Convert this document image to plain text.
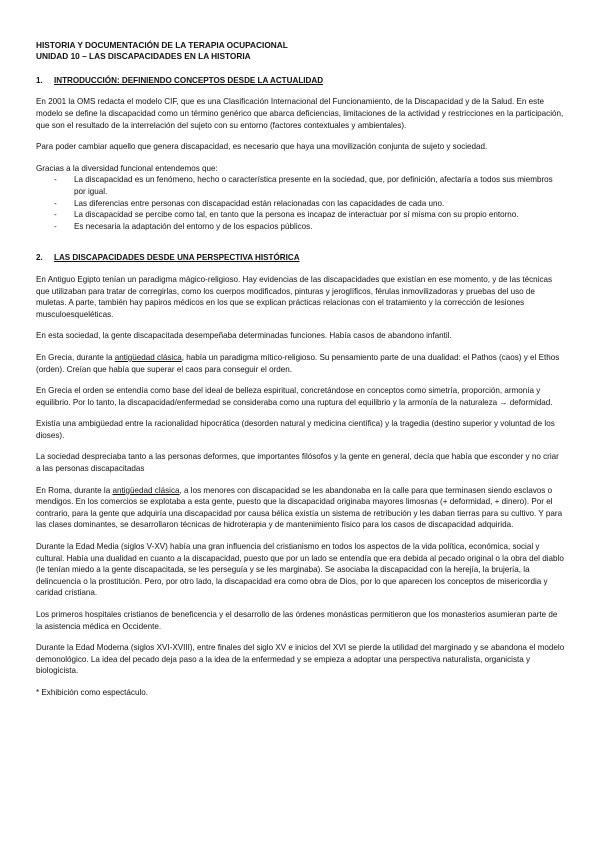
HISTORIA Y DOCUMENTACIÓN DE LA TERAPIA OCUPACIONAL
UNIDAD 10 – LAS DISCAPACIDADES EN LA HISTORIA
1. INTRODUCCIÓN: DEFINIENDO CONCEPTOS DESDE LA ACTUALIDAD

En 2001 la OMS redacta el modelo CIF, que es una Clasificación Internacional del Funcionamiento, de la Discapacidad y de la Salud. En este modelo se define la discapacidad como un término genérico que abarca deficiencias, limitaciones de la actividad y restricciones en la participación, que son el resultado de la interrelación del sujeto con su entorno (factores contextuales y ambientales).

Para poder cambiar aquello que genera discapacidad, es necesario que haya una movilización conjunta de sujeto y sociedad.

Gracias a la diversidad funcional entendemos que:

- La discapacidad es un fenómeno, hecho o característica presente en la sociedad, que, por definición, afectaría a todos sus miembros por igual.
- Las diferencias entre personas con discapacidad están relacionadas con las capacidades de cada uno.
- La discapacidad se percibe como tal, en tanto que la persona es incapaz de interactuar por sí misma con su propio entorno.
- Es necesaria la adaptación del entorno y de los espacios públicos.
2. LAS DISCAPACIDADES DESDE UNA PERSPECTIVA HISTÓRICA

En Antiguo Egipto tenían un paradigma mágico-religioso. Hay evidencias de las discapacidades que existían en ese momento, y de las técnicas que utilizaban para tratar de corregirlas, como los cuerpos modificados, pinturas y jeroglíficos, férulas inmovilizadoras y pruebas del uso de muletas. A parte, también hay papiros médicos en los que se explican prácticas relacionas con el tratamiento y la corrección de lesiones musculoesqueléticas.

En esta sociedad, la gente discapacitada desempeñaba determinadas funciones. Había casos de abandono infantil.

En Grecia, durante la antigüedad clásica, había un paradigma mítico-religioso. Su pensamiento parte de una dualidad: el Pathos (caos) y el Ethos (orden). Creían que había que superar el caos para conseguir el orden.

En Grecia el orden se entendía como base del ideal de belleza espiritual, concretándose en conceptos como simetría, proporción, armonía y equilibrio. Por lo tanto, la discapacidad/enfermedad se consideraba como una ruptura del equilibrio y la armonía de la naturaleza → deformidad.

Existía una ambigüedad entre la racionalidad hipocrática (desorden natural y medicina científica) y la tragedia (destino superior y voluntad de los dioses).

La sociedad despreciaba tanto a las personas deformes, que importantes filósofos y la gente en general, decía que había que esconder y no criar a las personas discapacitadas

En Roma, durante la antigüedad clásica, a los menores con discapacidad se les abandonaba en la calle para que terminasen siendo esclavos o mendigos. En los comercios se explotaba a esta gente, puesto que la discapacidad originaba mayores limosnas (+ deformidad, + dinero). Por el contrario, para la gente que adquiría una discapacidad por causa bélica existía un sistema de retribución y les daban tierras para su cultivo. Y para las clases dominantes, se desarrollaron técnicas de hidroterapia y de mantenimiento físico para los casos de discapacidad adquirida.

Durante la Edad Media (siglos V-XV) había una gran influencia del cristianismo en todos los aspectos de la vida política, económica, social y cultural. Había una dualidad en cuanto a la discapacidad, puesto que por un lado se entendía que era debida al pecado original o la obra del diablo (le tenían miedo a la gente discapacitada, se les perseguía y se les marginaba). Se asociaba la discapacidad con la herejía, la brujería, la delincuencia o la prostitución. Pero, por otro lado, la discapacidad era como obra de Dios, por lo que aparecen los conceptos de misericordia y caridad cristiana.

Los primeros hospitales cristianos de beneficencia y el desarrollo de las órdenes monásticas permitieron que los monasterios asumieran parte de la asistencia médica en Occidente.

Durante la Edad Moderna (siglos XVI-XVIII), entre finales del siglo XV e inicios del XVI se pierde la utilidad del marginado y se abandona el modelo demonológico. La idea del pecado deja paso a la idea de la enfermedad y se empieza a adoptar una perspectiva naturalista, organicista y biologicista.

* Exhibición como espectáculo.
